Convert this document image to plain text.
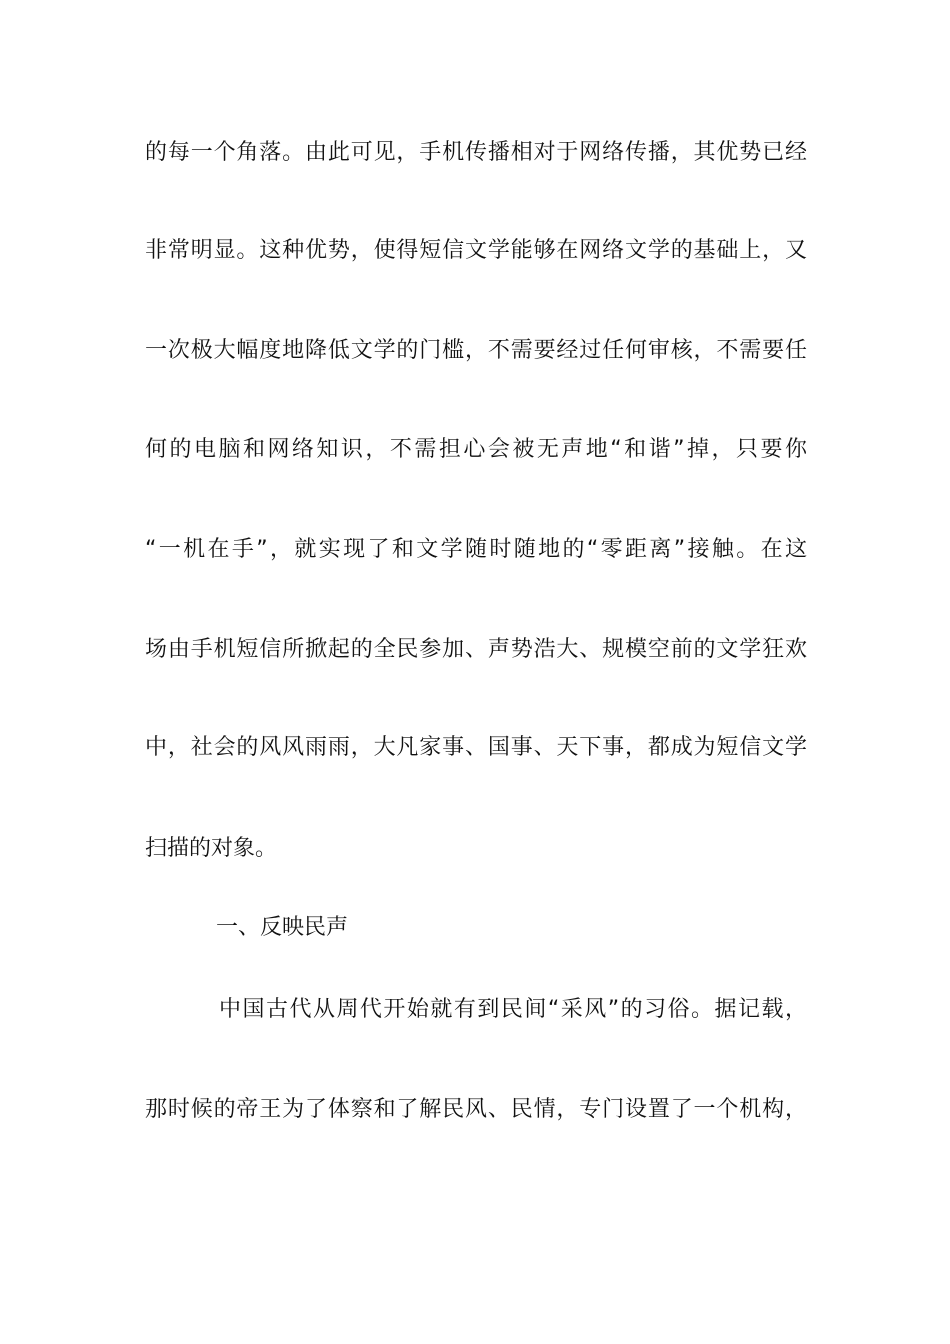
的每一个角落。由此可见，手机传播相对于网络传播，其优势已经
非常明显。这种优势，使得短信文学能够在网络文学的基础上，又
一次极大幅度地降低文学的门槛，不需要经过任何审核，不需要任
何的电脑和网络知识，不需担心会被无声地“和谐”掉，只要你
“一机在手”，就实现了和文学随时随地的“零距离”接触。在这
场由手机短信所掀起的全民参加、声势浩大、规模空前的文学狂欢
中，社会的风风雨雨，大凡家事、国事、天下事，都成为短信文学
扫描的对象。
一、反映民声
中国古代从周代开始就有到民间“采风”的习俗。据记载，
那时候的帝王为了体察和了解民风、民情，专门设置了一个机构，
